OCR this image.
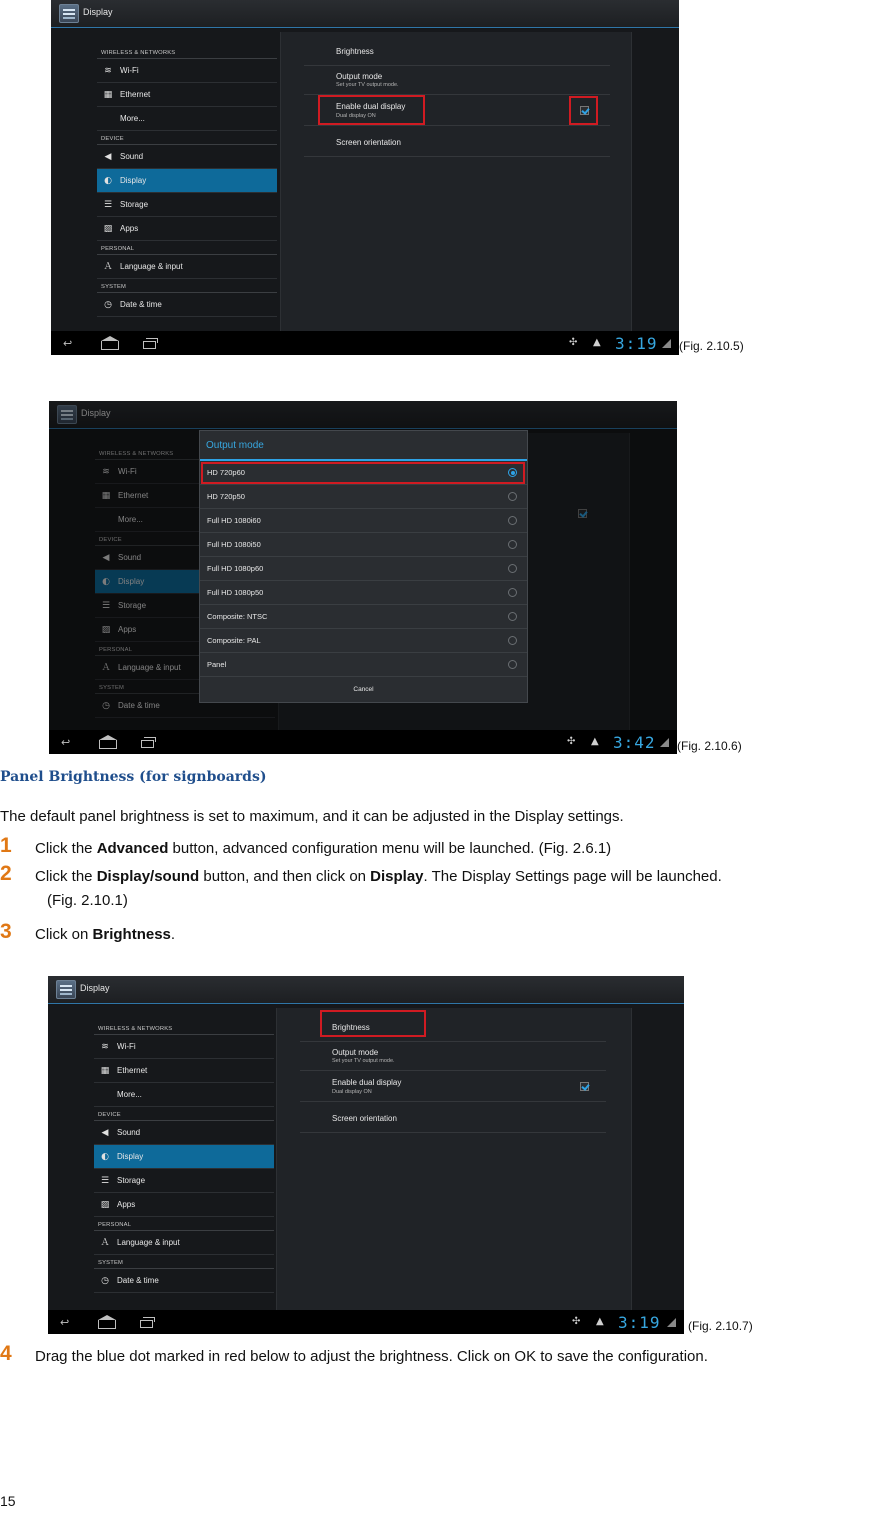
Display
WIRELESS & NETWORKS
≋ Wi-Fi
▦ Ethernet
More...
DEVICE
◀ Sound
◐ Display
☰ Storage
▨ Apps
PERSONAL
Ａ Language & input
SYSTEM
◷ Date & time
Brightness
Output mode
Set your TV output mode.
Enable dual display
Dual display ON
Screen orientation
↩	✣ ▲ 3:19 (Fig. 2.10.5)
Display
WIRELESS & NETWORKS
≋ Wi-Fi
▦ Ethernet
More...
DEVICE
◀ Sound
◐ Display
☰ Storage
▨ Apps
PERSONAL
Ａ Language & input
SYSTEM
◷ Date & time
Output mode
HD 720p60
HD 720p50
Full HD 1080i60
Full HD 1080i50
Full HD 1080p60
Full HD 1080p50
Composite: NTSC
Composite: PAL
Panel
Cancel
↩	✣ ▲ 3:42 (Fig. 2.10.6)
Panel Brightness (for signboards)
The default panel brightness is set to maximum, and it can be adjusted in the Display settings.
1 Click the Advanced button, advanced configuration menu will be launched. (Fig. 2.6.1)
2 Click the Display/sound button, and then click on Display. The Display Settings page will be launched.
(Fig. 2.10.1)
3 Click on Brightness.
Display
WIRELESS & NETWORKS
≋ Wi-Fi
▦ Ethernet
More...
DEVICE
◀ Sound
◐ Display
☰ Storage
▨ Apps
PERSONAL
Ａ Language & input
SYSTEM
◷ Date & time
Brightness
Output mode
Set your TV output mode.
Enable dual display
Dual display ON
Screen orientation
↩	✣ ▲ 3:19 (Fig. 2.10.7)
4 Drag the blue dot marked in red below to adjust the brightness. Click on OK to save the configuration.
15
